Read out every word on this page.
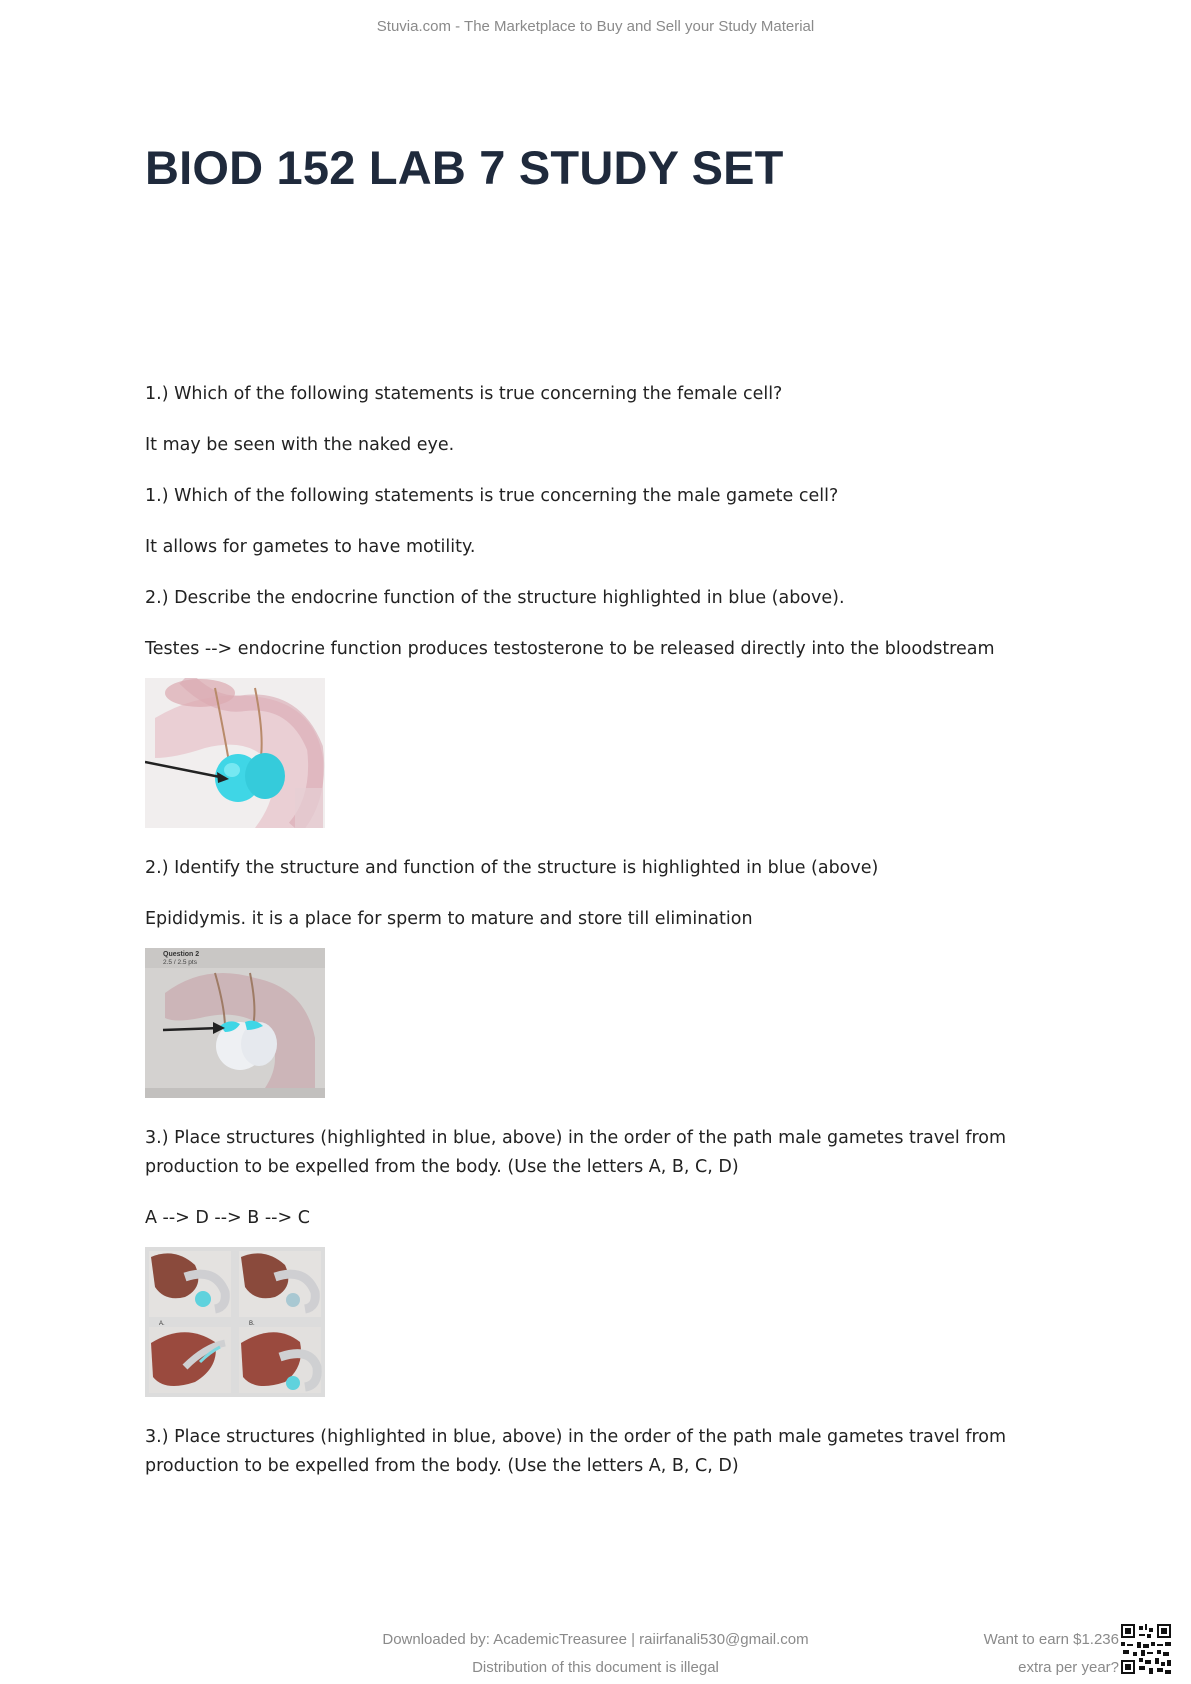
Stuvia.com - The Marketplace to Buy and Sell your Study Material
BIOD 152 LAB 7 STUDY SET

1.) Which of the following statements is true concerning the female cell?

It may be seen with the naked eye.

1.) Which of the following statements is true concerning the male gamete cell?

It allows for gametes to have motility.

2.) Describe the endocrine function of the structure highlighted in blue (above).

Testes --> endocrine function produces testosterone to be released directly into the bloodstream

2.) Identify the structure and function of the structure is highlighted in blue (above)

Epididymis. it is a place for sperm to mature and store till elimination

Question 2
2.5 / 2.5 pts

3.) Place structures (highlighted in blue, above) in the order of the path male gametes travel from production to be expelled from the body. (Use the letters A, B, C, D)

A --> D --> B --> C

A.	B.

3.) Place structures (highlighted in blue, above) in the order of the path male gametes travel from production to be expelled from the body. (Use the letters A, B, C, D)

Downloaded by: AcademicTreasuree | raiirfanali530@gmail.com
Distribution of this document is illegal
Want to earn $1.236
extra per year?
